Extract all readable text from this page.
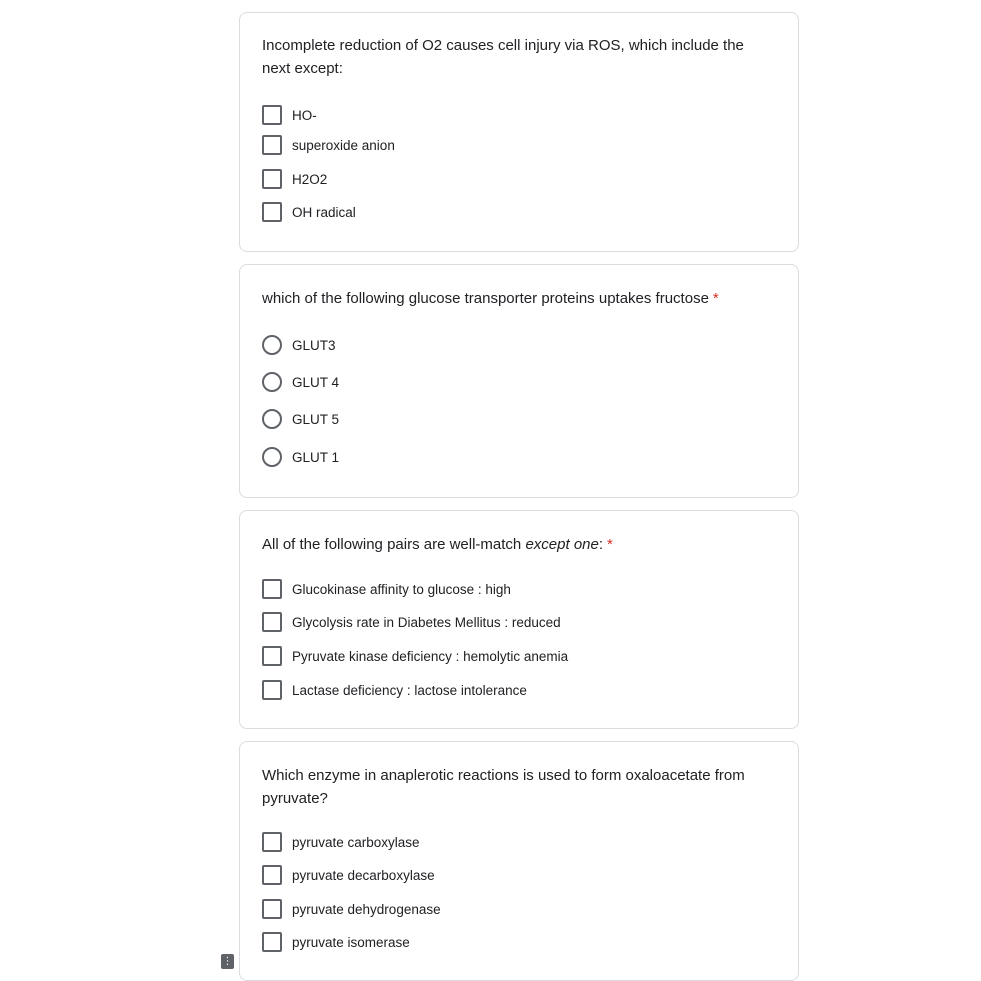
Incomplete reduction of O2 causes cell injury via ROS, which include the next except:
HO-
superoxide anion
H2O2
OH radical
which of the following glucose transporter proteins uptakes fructose *
GLUT3
GLUT 4
GLUT 5
GLUT 1
All of the following pairs are well-match except one: *
Glucokinase affinity to glucose : high
Glycolysis rate in Diabetes Mellitus : reduced
Pyruvate kinase deficiency : hemolytic anemia
Lactase deficiency : lactose intolerance
Which enzyme in anaplerotic reactions is used to form oxaloacetate from pyruvate?
pyruvate carboxylase
pyruvate decarboxylase
pyruvate dehydrogenase
pyruvate isomerase
⋮
